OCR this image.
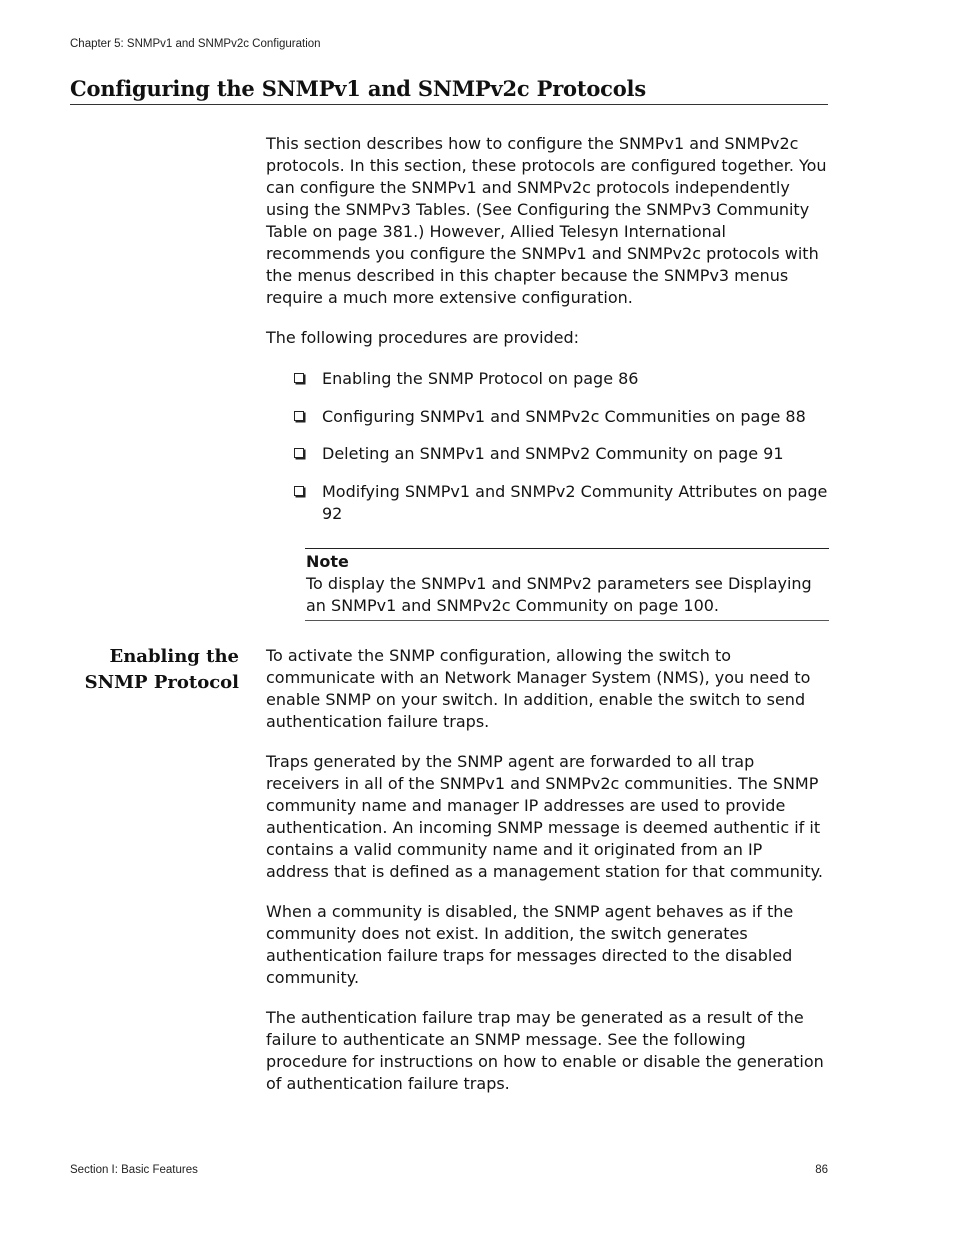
Chapter 5: SNMPv1 and SNMPv2c Configuration
Configuring the SNMPv1 and SNMPv2c Protocols

This section describes how to configure the SNMPv1 and SNMPv2c protocols. In this section, these protocols are configured together. You can configure the SNMPv1 and SNMPv2c protocols independently using the SNMPv3 Tables. (See Configuring the SNMPv3 Community Table on page 381.) However, Allied Telesyn International recommends you configure the SNMPv1 and SNMPv2c protocols with the menus described in this chapter because the SNMPv3 menus require a much more extensive configuration.

The following procedures are provided:

Enabling the SNMP Protocol on page 86
Configuring SNMPv1 and SNMPv2c Communities on page 88
Deleting an SNMPv1 and SNMPv2 Community on page 91
Modifying SNMPv1 and SNMPv2 Community Attributes on page 92
Note
To display the SNMPv1 and SNMPv2 parameters see Displaying an SNMPv1 and SNMPv2c Community on page 100.
Enabling the
SNMP Protocol

To activate the SNMP configuration, allowing the switch to communicate with an Network Manager System (NMS), you need to enable SNMP on your switch. In addition, enable the switch to send authentication failure traps.

Traps generated by the SNMP agent are forwarded to all trap receivers in all of the SNMPv1 and SNMPv2c communities. The SNMP community name and manager IP addresses are used to provide authentication. An incoming SNMP message is deemed authentic if it contains a valid community name and it originated from an IP address that is defined as a management station for that community.

When a community is disabled, the SNMP agent behaves as if the community does not exist. In addition, the switch generates authentication failure traps for messages directed to the disabled community.

The authentication failure trap may be generated as a result of the failure to authenticate an SNMP message. See the following procedure for instructions on how to enable or disable the generation of authentication failure traps.

Section I: Basic Features	86
